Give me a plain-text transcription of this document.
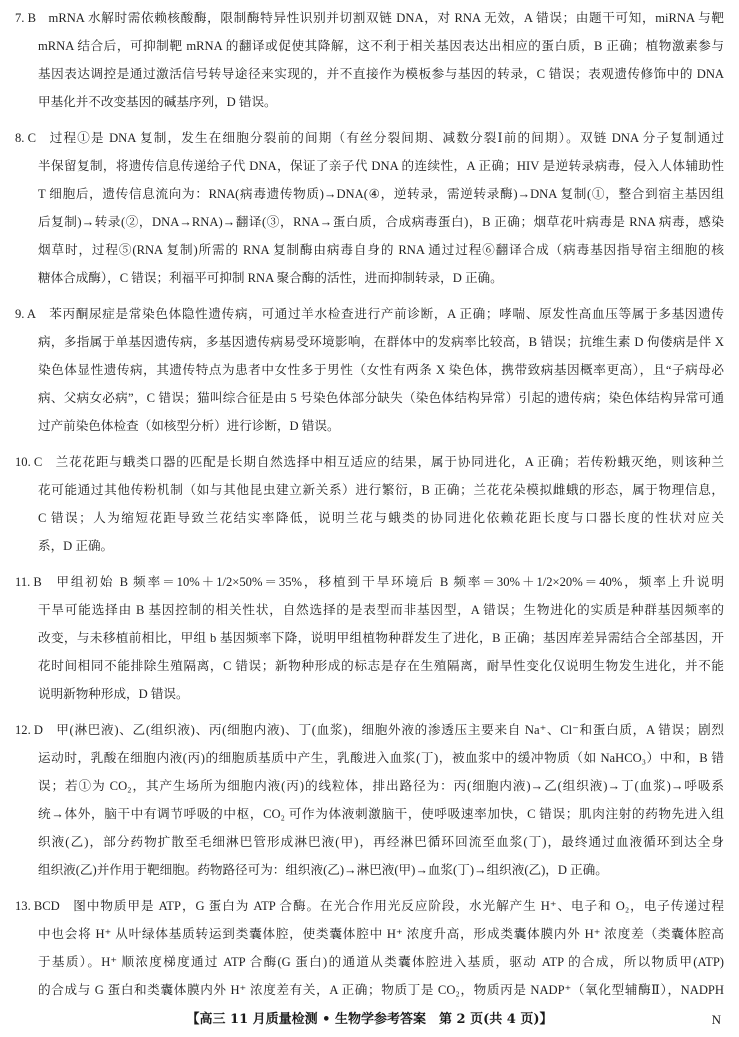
7. B mRNA 水解时需依赖核酸酶，限制酶特异性识别并切割双链 DNA，对 RNA 无效，A 错误；由题干可知，miRNA 与靶
mRNA 结合后，可抑制靶 mRNA 的翻译或促使其降解，这不利于相关基因表达出相应的蛋白质，B 正确；植物激素参与
基因表达调控是通过激活信号转导途径来实现的，并不直接作为模板参与基因的转录，C 错误；表观遗传修饰中的 DNA
甲基化并不改变基因的碱基序列，D 错误。
8. C 过程①是 DNA 复制，发生在细胞分裂前的间期（有丝分裂间期、减数分裂Ⅰ前的间期）。双链 DNA 分子复制通过
半保留复制，将遗传信息传递给子代 DNA，保证了亲子代 DNA 的连续性，A 正确；HIV 是逆转录病毒，侵入人体辅助性
T 细胞后，遗传信息流向为：RNA(病毒遗传物质)→DNA(④，逆转录，需逆转录酶)→DNA 复制(①，整合到宿主基因组
后复制)→转录(②，DNA→RNA)→翻译(③，RNA→蛋白质，合成病毒蛋白)，B 正确；烟草花叶病毒是 RNA 病毒，感染
烟草时，过程⑤(RNA 复制)所需的 RNA 复制酶由病毒自身的 RNA 通过过程⑥翻译合成（病毒基因指导宿主细胞的核
糖体合成酶），C 错误；利福平可抑制 RNA 聚合酶的活性，进而抑制转录，D 正确。
9. A 苯丙酮尿症是常染色体隐性遗传病，可通过羊水检查进行产前诊断，A 正确；哮喘、原发性高血压等属于多基因遗传
病，多指属于单基因遗传病，多基因遗传病易受环境影响，在群体中的发病率比较高，B 错误；抗维生素 D 佝偻病是伴 X
染色体显性遗传病，其遗传特点为患者中女性多于男性（女性有两条 X 染色体，携带致病基因概率更高），且“子病母必
病、父病女必病”，C 错误；猫叫综合征是由 5 号染色体部分缺失（染色体结构异常）引起的遗传病；染色体结构异常可通
过产前染色体检查（如核型分析）进行诊断，D 错误。
10. C 兰花花距与蛾类口器的匹配是长期自然选择中相互适应的结果，属于协同进化，A 正确；若传粉蛾灭绝，则该种兰
花可能通过其他传粉机制（如与其他昆虫建立新关系）进行繁衍，B 正确；兰花花朵模拟雌蛾的形态，属于物理信息，
C 错误；人为缩短花距导致兰花结实率降低，说明兰花与蛾类的协同进化依赖花距长度与口器长度的性状对应关
系，D 正确。
11. B 甲组初始 B 频率＝10%＋1/2×50%＝35%，移植到干旱环境后 B 频率＝30%＋1/2×20%＝40%，频率上升说明
干旱可能选择由 B 基因控制的相关性状，自然选择的是表型而非基因型，A 错误；生物进化的实质是种群基因频率的
改变，与未移植前相比，甲组 b 基因频率下降，说明甲组植物种群发生了进化，B 正确；基因库差异需结合全部基因，开
花时间相同不能排除生殖隔离，C 错误；新物种形成的标志是存在生殖隔离，耐旱性变化仅说明生物发生进化，并不能
说明新物种形成，D 错误。
12. D 甲(淋巴液)、乙(组织液)、丙(细胞内液)、丁(血浆)，细胞外液的渗透压主要来自 Na⁺、Cl⁻和蛋白质，A 错误；剧烈
运动时，乳酸在细胞内液(丙)的细胞质基质中产生，乳酸进入血浆(丁)，被血浆中的缓冲物质（如 NaHCO₃）中和，B 错
误；若①为 CO₂，其产生场所为细胞内液(丙)的线粒体，排出路径为：丙(细胞内液)→乙(组织液)→丁(血浆)→呼吸系
统→体外，脑干中有调节呼吸的中枢，CO₂ 可作为体液刺激脑干，使呼吸速率加快，C 错误；肌肉注射的药物先进入组
织液(乙)，部分药物扩散至毛细淋巴管形成淋巴液(甲)，再经淋巴循环回流至血浆(丁)，最终通过血液循环到达全身
组织液(乙)并作用于靶细胞。药物路径可为：组织液(乙)→淋巴液(甲)→血浆(丁)→组织液(乙)，D 正确。
13. BCD 图中物质甲是 ATP，G 蛋白为 ATP 合酶。在光合作用光反应阶段，水光解产生 H⁺、电子和 O₂，电子传递过程
中也会将 H⁺ 从叶绿体基质转运到类囊体腔，使类囊体腔中 H⁺ 浓度升高，形成类囊体膜内外 H⁺ 浓度差（类囊体腔高
于基质）。H⁺ 顺浓度梯度通过 ATP 合酶(G 蛋白)的通道从类囊体腔进入基质，驱动 ATP 的合成，所以物质甲(ATP)
的合成与 G 蛋白和类囊体膜内外 H⁺ 浓度差有关，A 正确；物质丁是 CO₂，物质丙是 NADP⁺（氧化型辅酶Ⅱ），NADPH
【高三 11 月质量检测 • 生物学参考答案　第 2 页(共 4 页)】	N
